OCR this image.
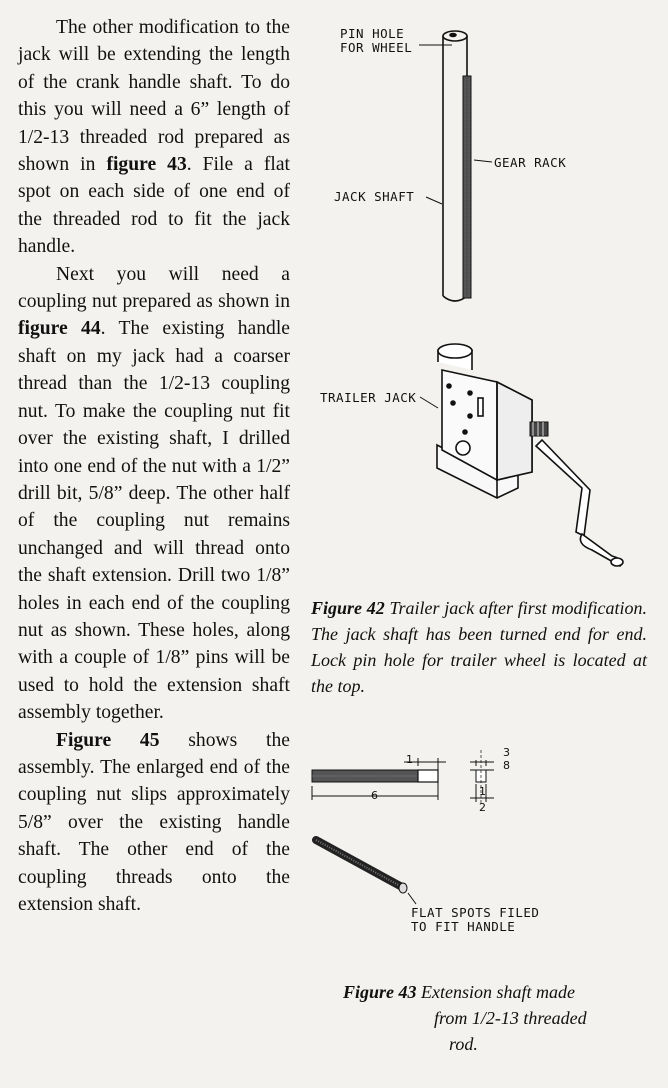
The other modification to the jack will be extending the length of the crank handle shaft. To do this you will need a 6” length of 1/2-13 threaded rod prepared as shown in figure 43. File a flat spot on each side of one end of the threaded rod to fit the jack handle.

Next you will need a coupling nut prepared as shown in figure 44. The existing handle shaft on my jack had a coarser thread than the 1/2-13 coupling nut. To make the coupling nut fit over the existing shaft, I drilled into one end of the nut with a 1/2” drill bit, 5/8” deep. The other half of the coupling nut remains unchanged and will thread onto the shaft extension. Drill two 1/8” holes in each end of the coupling nut as shown. These holes, along with a couple of 1/8” pins will be used to hold the extension shaft assembly together.

Figure 45 shows the assembly. The enlarged end of the coupling nut slips approximately 5/8” over the existing handle shaft. The other end of the coupling threads onto the extension shaft.

PIN HOLE
FOR WHEEL
GEAR RACK
JACK SHAFT
TRAILER JACK
Figure 42 Trailer jack after first modification. The jack shaft has been turned end for end. Lock pin hole for trailer wheel is located at the top.
1
6
3
8
1
2
FLAT SPOTS FILED
TO FIT HANDLE
Figure 43 Extension shaft made
from 1/2-13 threaded
rod.
